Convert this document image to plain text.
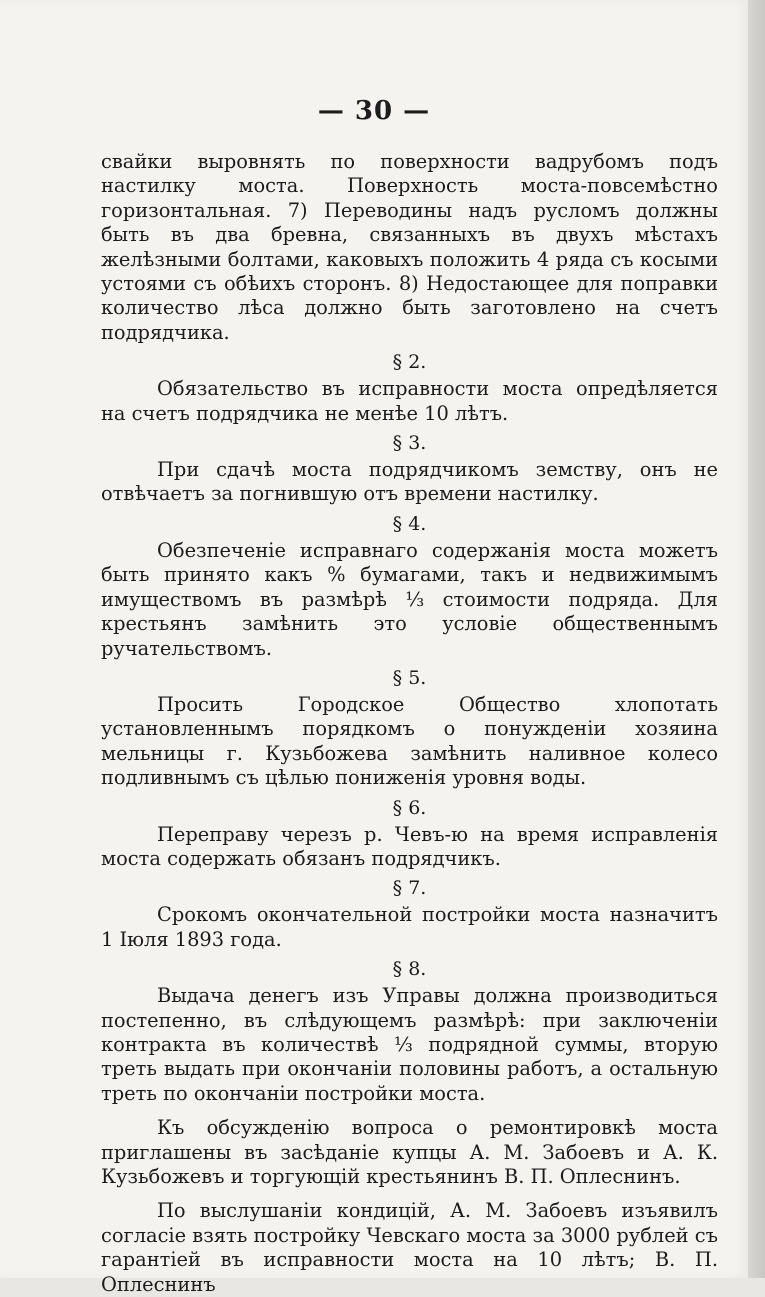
— 30 —

свайки выровнять по поверхности вадрубомъ подъ настилку моста. Поверхность моста-повсемѣстно горизонтальная. 7) Переводины надъ русломъ должны быть въ два бревна, связанныхъ въ двухъ мѣстахъ желѣзными болтами, каковыхъ положить 4 ряда съ косыми устоями съ обѣихъ сторонъ. 8) Недостающее для поправки количество лѣса должно быть заготовлено на счетъ подрядчика.

§ 2.

Обязательство въ исправности моста опредѣляется на счетъ подрядчика не менѣе 10 лѣтъ.

§ 3.

При сдачѣ моста подрядчикомъ земству, онъ не отвѣчаетъ за погнившую отъ времени настилку.

§ 4.

Обезпеченіе исправнаго содержанія моста можетъ быть принято какъ % бумагами, такъ и недвижимымъ имуществомъ въ размѣрѣ ⅓ стоимости подряда. Для крестьянъ замѣнить это условіе общественнымъ ручательствомъ.

§ 5.

Просить Городское Общество хлопотать установленнымъ порядкомъ о понужденіи хозяина мельницы г. Кузьбожева замѣнить наливное колесо подливнымъ съ цѣлью пониженія уровня воды.

§ 6.

Переправу черезъ р. Чевъ-ю на время исправленія моста содержать обязанъ подрядчикъ.

§ 7.

Срокомъ окончательной постройки моста назначитъ 1 Іюля 1893 года.

§ 8.

Выдача денегъ изъ Управы должна производиться постепенно, въ слѣдующемъ размѣрѣ: при заключеніи контракта въ количествѣ ⅓ подрядной суммы, вторую треть выдать при окончаніи половины работъ, а остальную треть по окончаніи постройки моста.

Къ обсужденію вопроса о ремонтировкѣ моста приглашены въ засѣданіе купцы А. М. Забоевъ и А. К. Кузьбожевъ и торгующій крестьянинъ В. П. Оплеснинъ.

По выслушаніи кондицій, А. М. Забоевъ изъявилъ согласіе взять постройку Чевскаго моста за 3000 рублей съ гарантіей въ исправности моста на 10 лѣтъ; В. П. Оплеснинъ
